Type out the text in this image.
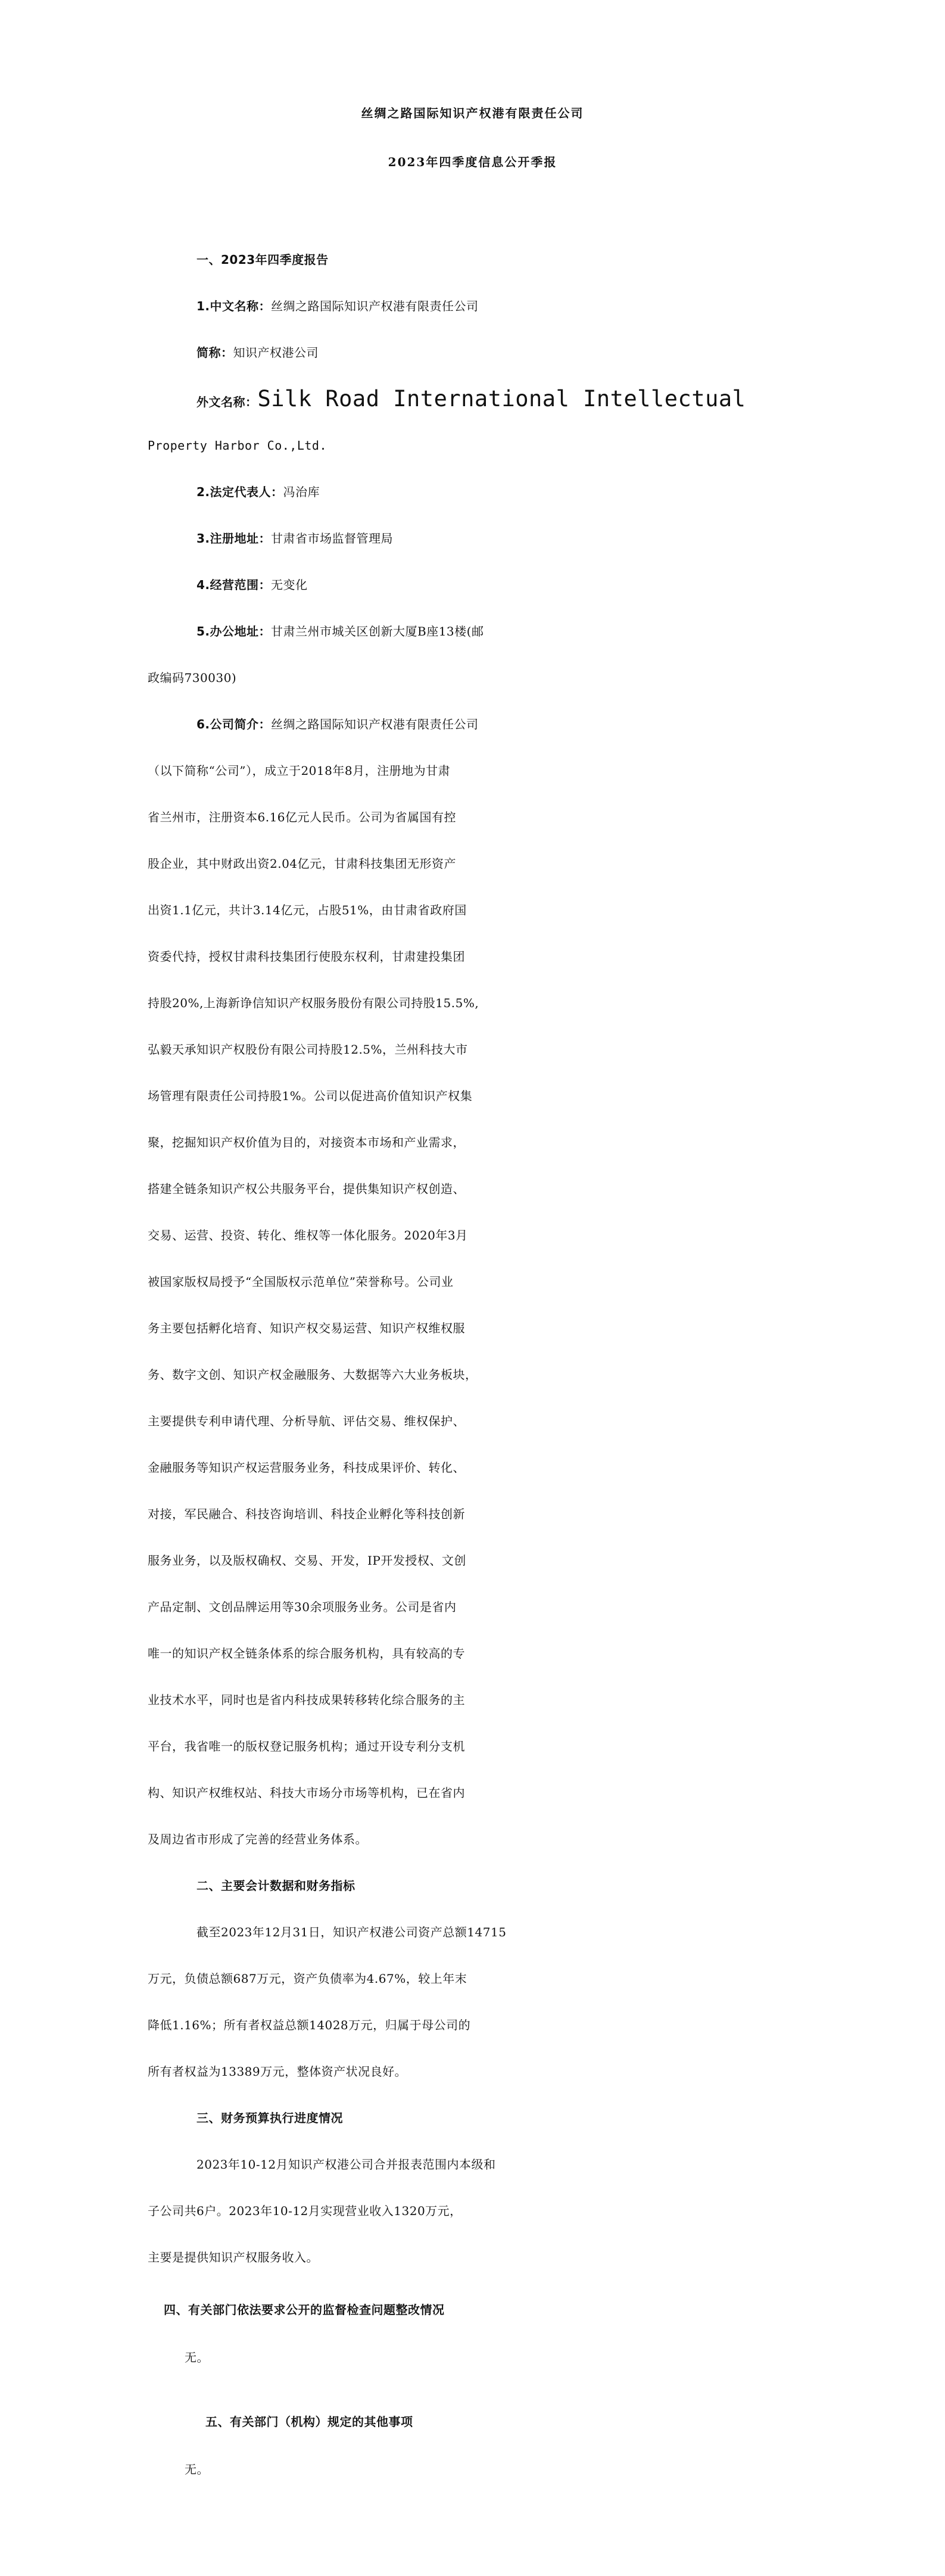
丝绸之路国际知识产权港有限责任公司
2023年四季度信息公开季报
一、2023年四季度报告
1.中文名称：丝绸之路国际知识产权港有限责任公司
简称：知识产权港公司
外文名称：Silk Road International Intellectual
Property Harbor Co.,Ltd.
2.法定代表人：冯治库
3.注册地址：甘肃省市场监督管理局
4.经营范围：无变化
5.办公地址：甘肃兰州市城关区创新大厦B座13楼(邮
政编码730030)
6.公司简介：丝绸之路国际知识产权港有限责任公司
（以下简称“公司”），成立于2018年8月，注册地为甘肃
省兰州市，注册资本6.16亿元人民币。公司为省属国有控
股企业，其中财政出资2.04亿元，甘肃科技集团无形资产
出资1.1亿元，共计3.14亿元，占股51%，由甘肃省政府国
资委代持，授权甘肃科技集团行使股东权利，甘肃建投集团
持股20%,上海新诤信知识产权服务股份有限公司持股15.5%,
弘毅天承知识产权股份有限公司持股12.5%，兰州科技大市
场管理有限责任公司持股1%。公司以促进高价值知识产权集
聚，挖掘知识产权价值为目的，对接资本市场和产业需求，
搭建全链条知识产权公共服务平台，提供集知识产权创造、
交易、运营、投资、转化、维权等一体化服务。2020年3月
被国家版权局授予“全国版权示范单位”荣誉称号。公司业
务主要包括孵化培育、知识产权交易运营、知识产权维权服
务、数字文创、知识产权金融服务、大数据等六大业务板块，
主要提供专利申请代理、分析导航、评估交易、维权保护、
金融服务等知识产权运营服务业务，科技成果评价、转化、
对接，军民融合、科技咨询培训、科技企业孵化等科技创新
服务业务，以及版权确权、交易、开发，IP开发授权、文创
产品定制、文创品牌运用等30余项服务业务。公司是省内
唯一的知识产权全链条体系的综合服务机构，具有较高的专
业技术水平，同时也是省内科技成果转移转化综合服务的主
平台，我省唯一的版权登记服务机构；通过开设专利分支机
构、知识产权维权站、科技大市场分市场等机构，已在省内
及周边省市形成了完善的经营业务体系。
二、主要会计数据和财务指标
截至2023年12月31日，知识产权港公司资产总额14715
万元，负债总额687万元，资产负债率为4.67%，较上年末
降低1.16%；所有者权益总额14028万元，归属于母公司的
所有者权益为13389万元，整体资产状况良好。
三、财务预算执行进度情况
2023年10-12月知识产权港公司合并报表范围内本级和
子公司共6户。2023年10-12月实现营业收入1320万元，
主要是提供知识产权服务收入。
四、有关部门依法要求公开的监督检查问题整改情况
无。
五、有关部门（机构）规定的其他事项
无。
